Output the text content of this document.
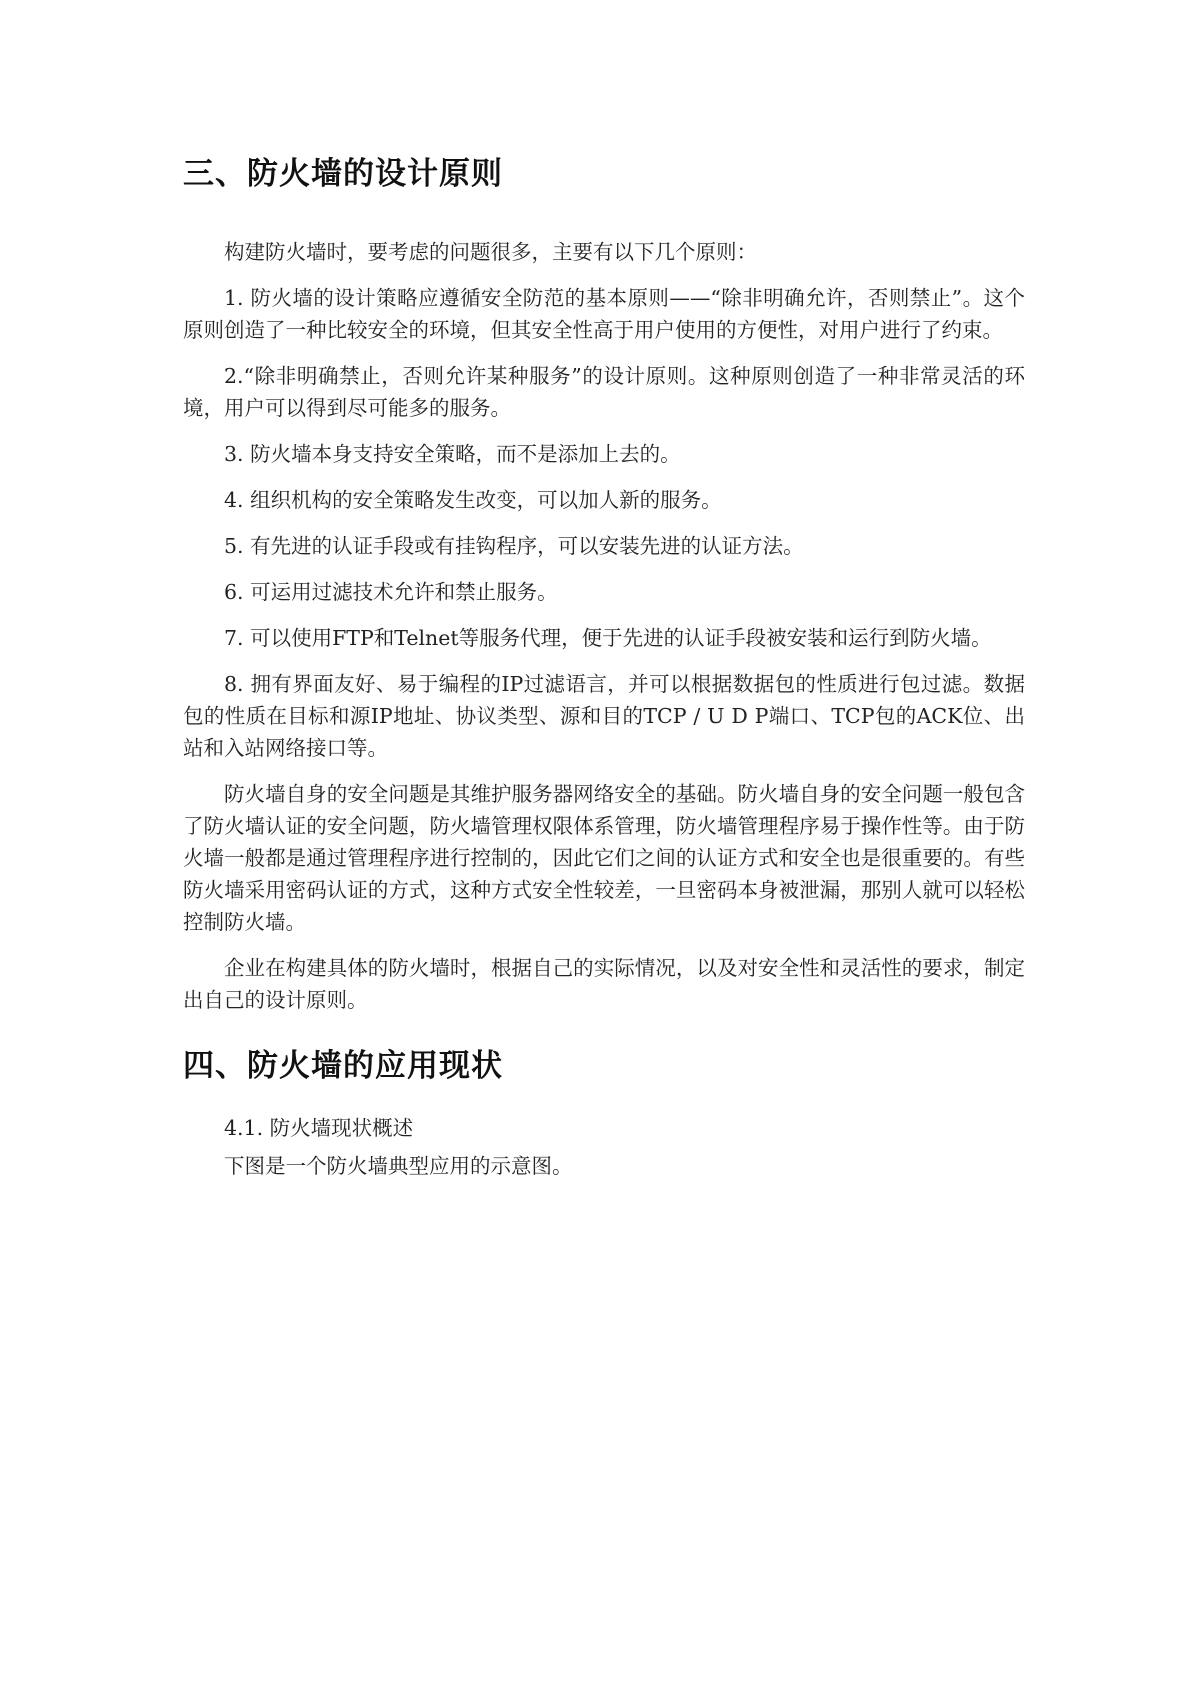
三、防火墙的设计原则

构建防火墙时，要考虑的问题很多，主要有以下几个原则：

1. 防火墙的设计策略应遵循安全防范的基本原则——“除非明确允许，否则禁止”。这个原则创造了一种比较安全的环境，但其安全性高于用户使用的方便性，对用户进行了约束。

2.“除非明确禁止，否则允许某种服务”的设计原则。这种原则创造了一种非常灵活的环境，用户可以得到尽可能多的服务。

3. 防火墙本身支持安全策略，而不是添加上去的。

4. 组织机构的安全策略发生改变，可以加人新的服务。

5. 有先进的认证手段或有挂钩程序，可以安装先进的认证方法。

6. 可运用过滤技术允许和禁止服务。

7. 可以使用FTP和Telnet等服务代理，便于先进的认证手段被安装和运行到防火墙。

8. 拥有界面友好、易于编程的IP过滤语言，并可以根据数据包的性质进行包过滤。数据包的性质在目标和源IP地址、协议类型、源和目的TCP / U D P端口、TCP包的ACK位、出站和入站网络接口等。

防火墙自身的安全问题是其维护服务器网络安全的基础。防火墙自身的安全问题一般包含了防火墙认证的安全问题，防火墙管理权限体系管理，防火墙管理程序易于操作性等。由于防火墙一般都是通过管理程序进行控制的，因此它们之间的认证方式和安全也是很重要的。有些防火墙采用密码认证的方式，这种方式安全性较差，一旦密码本身被泄漏，那别人就可以轻松控制防火墙。

企业在构建具体的防火墙时，根据自己的实际情况，以及对安全性和灵活性的要求，制定出自己的设计原则。

四、防火墙的应用现状

4.1. 防火墙现状概述

下图是一个防火墙典型应用的示意图。
